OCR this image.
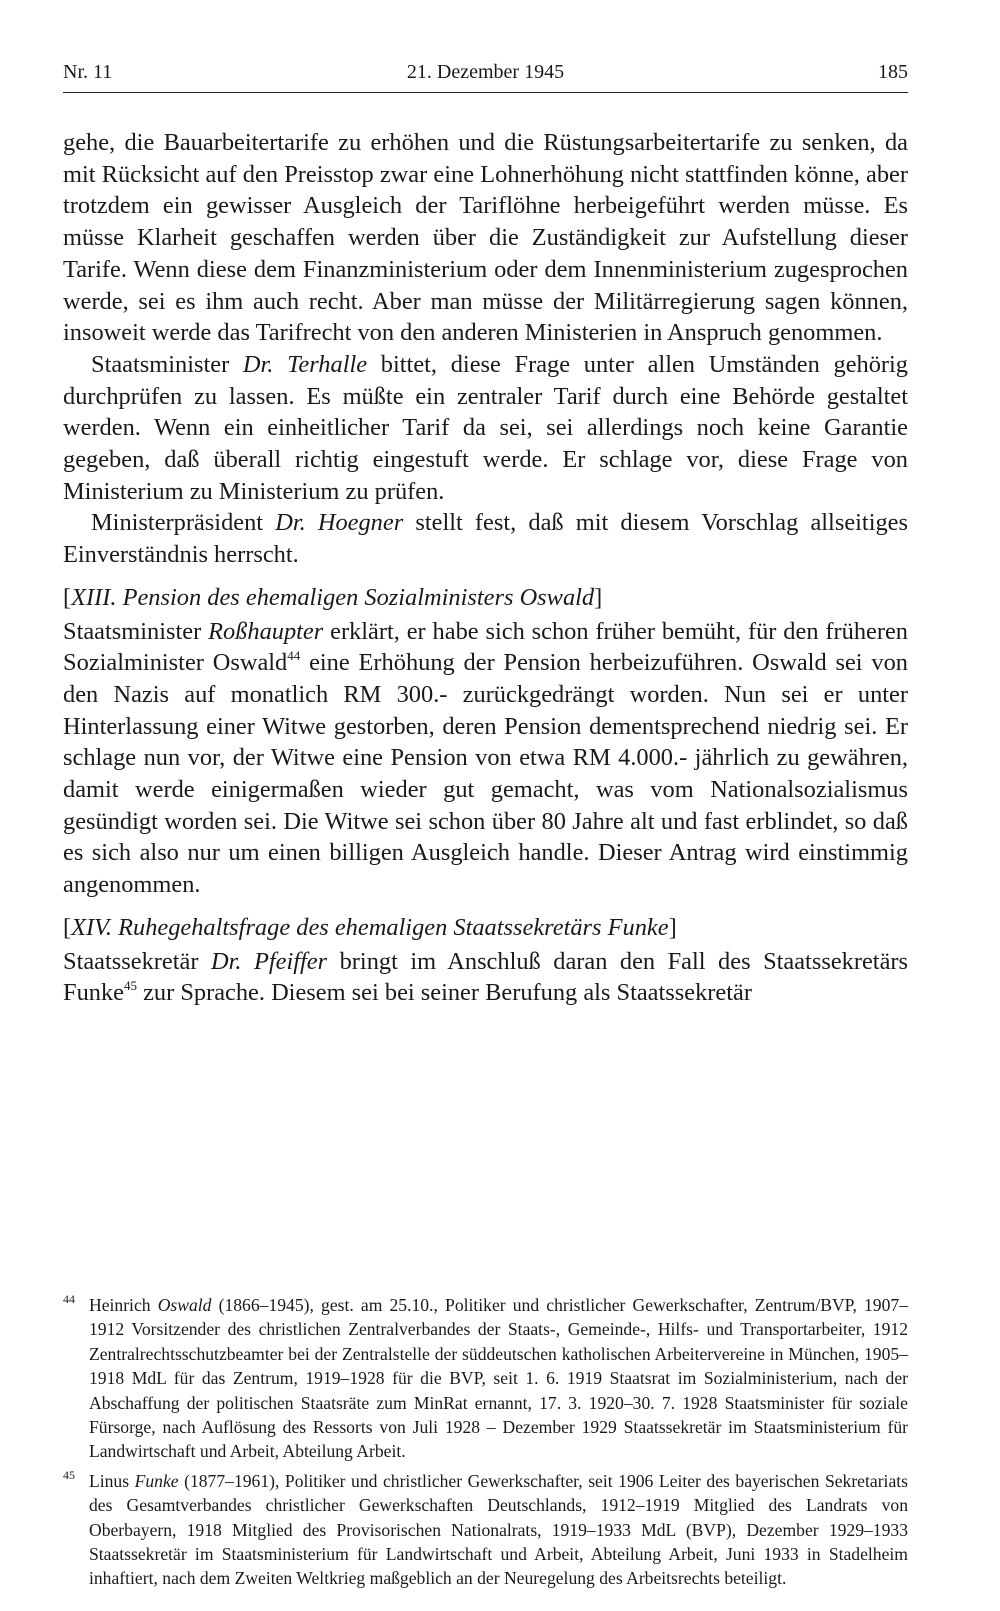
Nr. 11	21. Dezember 1945	185

gehe, die Bauarbeitertarife zu erhöhen und die Rüstungsarbeitertarife zu senken, da mit Rücksicht auf den Preisstop zwar eine Lohnerhöhung nicht stattfinden könne, aber trotzdem ein gewisser Ausgleich der Tariflöhne herbeigeführt werden müsse. Es müsse Klarheit geschaffen werden über die Zuständigkeit zur Aufstellung dieser Tarife. Wenn diese dem Finanzministerium oder dem Innenministerium zugesprochen werde, sei es ihm auch recht. Aber man müsse der Militärregierung sagen können, insoweit werde das Tarifrecht von den anderen Ministerien in Anspruch genommen.

Staatsminister Dr. Terhalle bittet, diese Frage unter allen Umständen gehörig durchprüfen zu lassen. Es müßte ein zentraler Tarif durch eine Behörde gestaltet werden. Wenn ein einheitlicher Tarif da sei, sei allerdings noch keine Garantie gegeben, daß überall richtig eingestuft werde. Er schlage vor, diese Frage von Ministerium zu Ministerium zu prüfen.

Ministerpräsident Dr. Hoegner stellt fest, daß mit diesem Vorschlag allseitiges Einverständnis herrscht.

[XIII. Pension des ehemaligen Sozialministers Oswald]

Staatsminister Roßhaupter erklärt, er habe sich schon früher bemüht, für den früheren Sozialminister Oswald$^{44}$ eine Erhöhung der Pension herbeizuführen. Oswald sei von den Nazis auf monatlich RM 300.- zurückgedrängt worden. Nun sei er unter Hinterlassung einer Witwe gestorben, deren Pension dementsprechend niedrig sei. Er schlage nun vor, der Witwe eine Pension von etwa RM 4.000.- jährlich zu gewähren, damit werde einigermaßen wieder gut gemacht, was vom Nationalsozialismus gesündigt worden sei. Die Witwe sei schon über 80 Jahre alt und fast erblindet, so daß es sich also nur um einen billigen Ausgleich handle. Dieser Antrag wird einstimmig angenommen.

[XIV. Ruhegehaltsfrage des ehemaligen Staatssekretärs Funke]

Staatssekretär Dr. Pfeiffer bringt im Anschluß daran den Fall des Staatssekretärs Funke$^{45}$ zur Sprache. Diesem sei bei seiner Berufung als Staatssekretär

44 Heinrich Oswald (1866–1945), gest. am 25.10., Politiker und christlicher Gewerkschafter, Zentrum/BVP, 1907–1912 Vorsitzender des christlichen Zentralverbandes der Staats-, Gemeinde-, Hilfs- und Transportarbeiter, 1912 Zentralrechtsschutzbeamter bei der Zentralstelle der süddeutschen katholischen Arbeitervereine in München, 1905–1918 MdL für das Zentrum, 1919–1928 für die BVP, seit 1. 6. 1919 Staatsrat im Sozialministerium, nach der Abschaffung der politischen Staatsräte zum MinRat ernannt, 17. 3. 1920–30. 7. 1928 Staatsminister für soziale Fürsorge, nach Auflösung des Ressorts von Juli 1928 – Dezember 1929 Staatssekretär im Staatsministerium für Landwirtschaft und Arbeit, Abteilung Arbeit.

45 Linus Funke (1877–1961), Politiker und christlicher Gewerkschafter, seit 1906 Leiter des bayerischen Sekretariats des Gesamtverbandes christlicher Gewerkschaften Deutschlands, 1912–1919 Mitglied des Landrats von Oberbayern, 1918 Mitglied des Provisorischen Nationalrats, 1919–1933 MdL (BVP), Dezember 1929–1933 Staatssekretär im Staatsministerium für Landwirtschaft und Arbeit, Abteilung Arbeit, Juni 1933 in Stadelheim inhaftiert, nach dem Zweiten Weltkrieg maßgeblich an der Neuregelung des Arbeitsrechts beteiligt.
